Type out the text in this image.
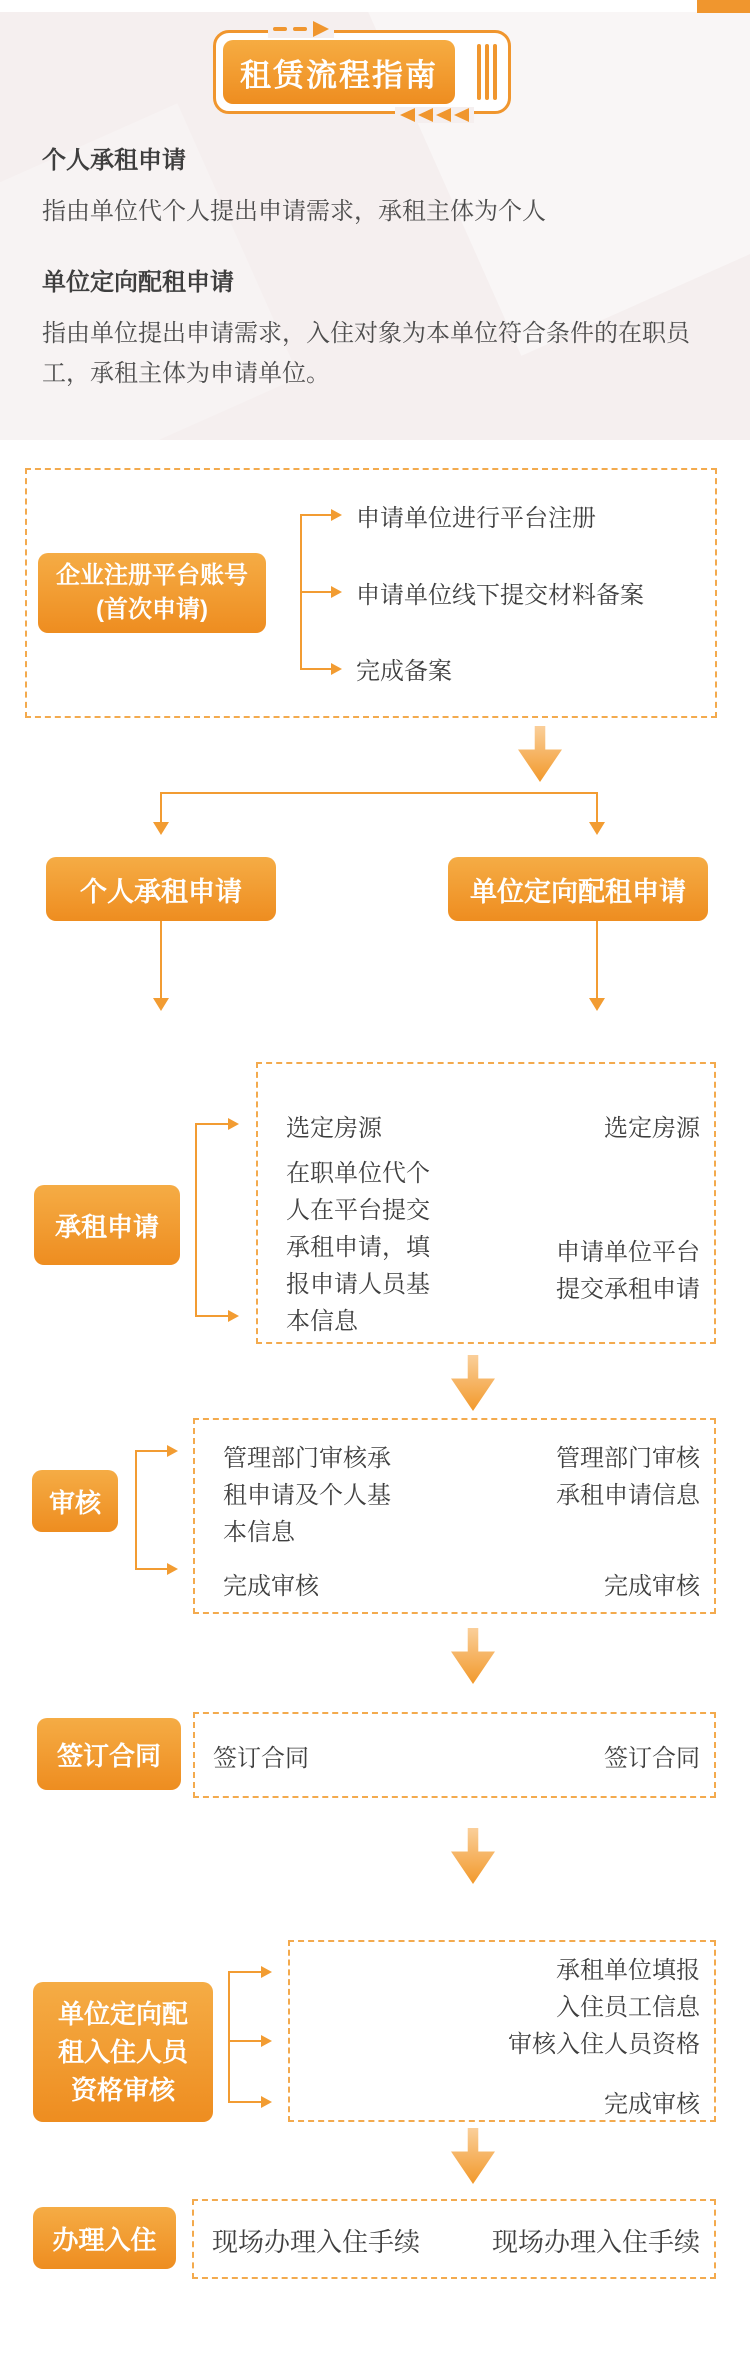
租赁流程指南
个人承租申请
指由单位代个人提出申请需求，承租主体为个人
单位定向配租申请
指由单位提出申请需求，入住对象为本单位符合条件的在职员工，承租主体为申请单位。
企业注册平台账号(首次申请)
申请单位进行平台注册
申请单位线下提交材料备案
完成备案
个人承租申请	单位定向配租申请
承租申请
选定房源
在职单位代个人在平台提交承租申请，填报申请人员基本信息
选定房源
申请单位平台提交承租申请
审核
管理部门审核承租申请及个人基本信息
完成审核
管理部门审核承租申请信息
完成审核
签订合同	签订合同	签订合同
单位定向配租入住人员资格审核
承租单位填报入住员工信息
审核入住人员资格
完成审核
办理入住	现场办理入住手续	现场办理入住手续
